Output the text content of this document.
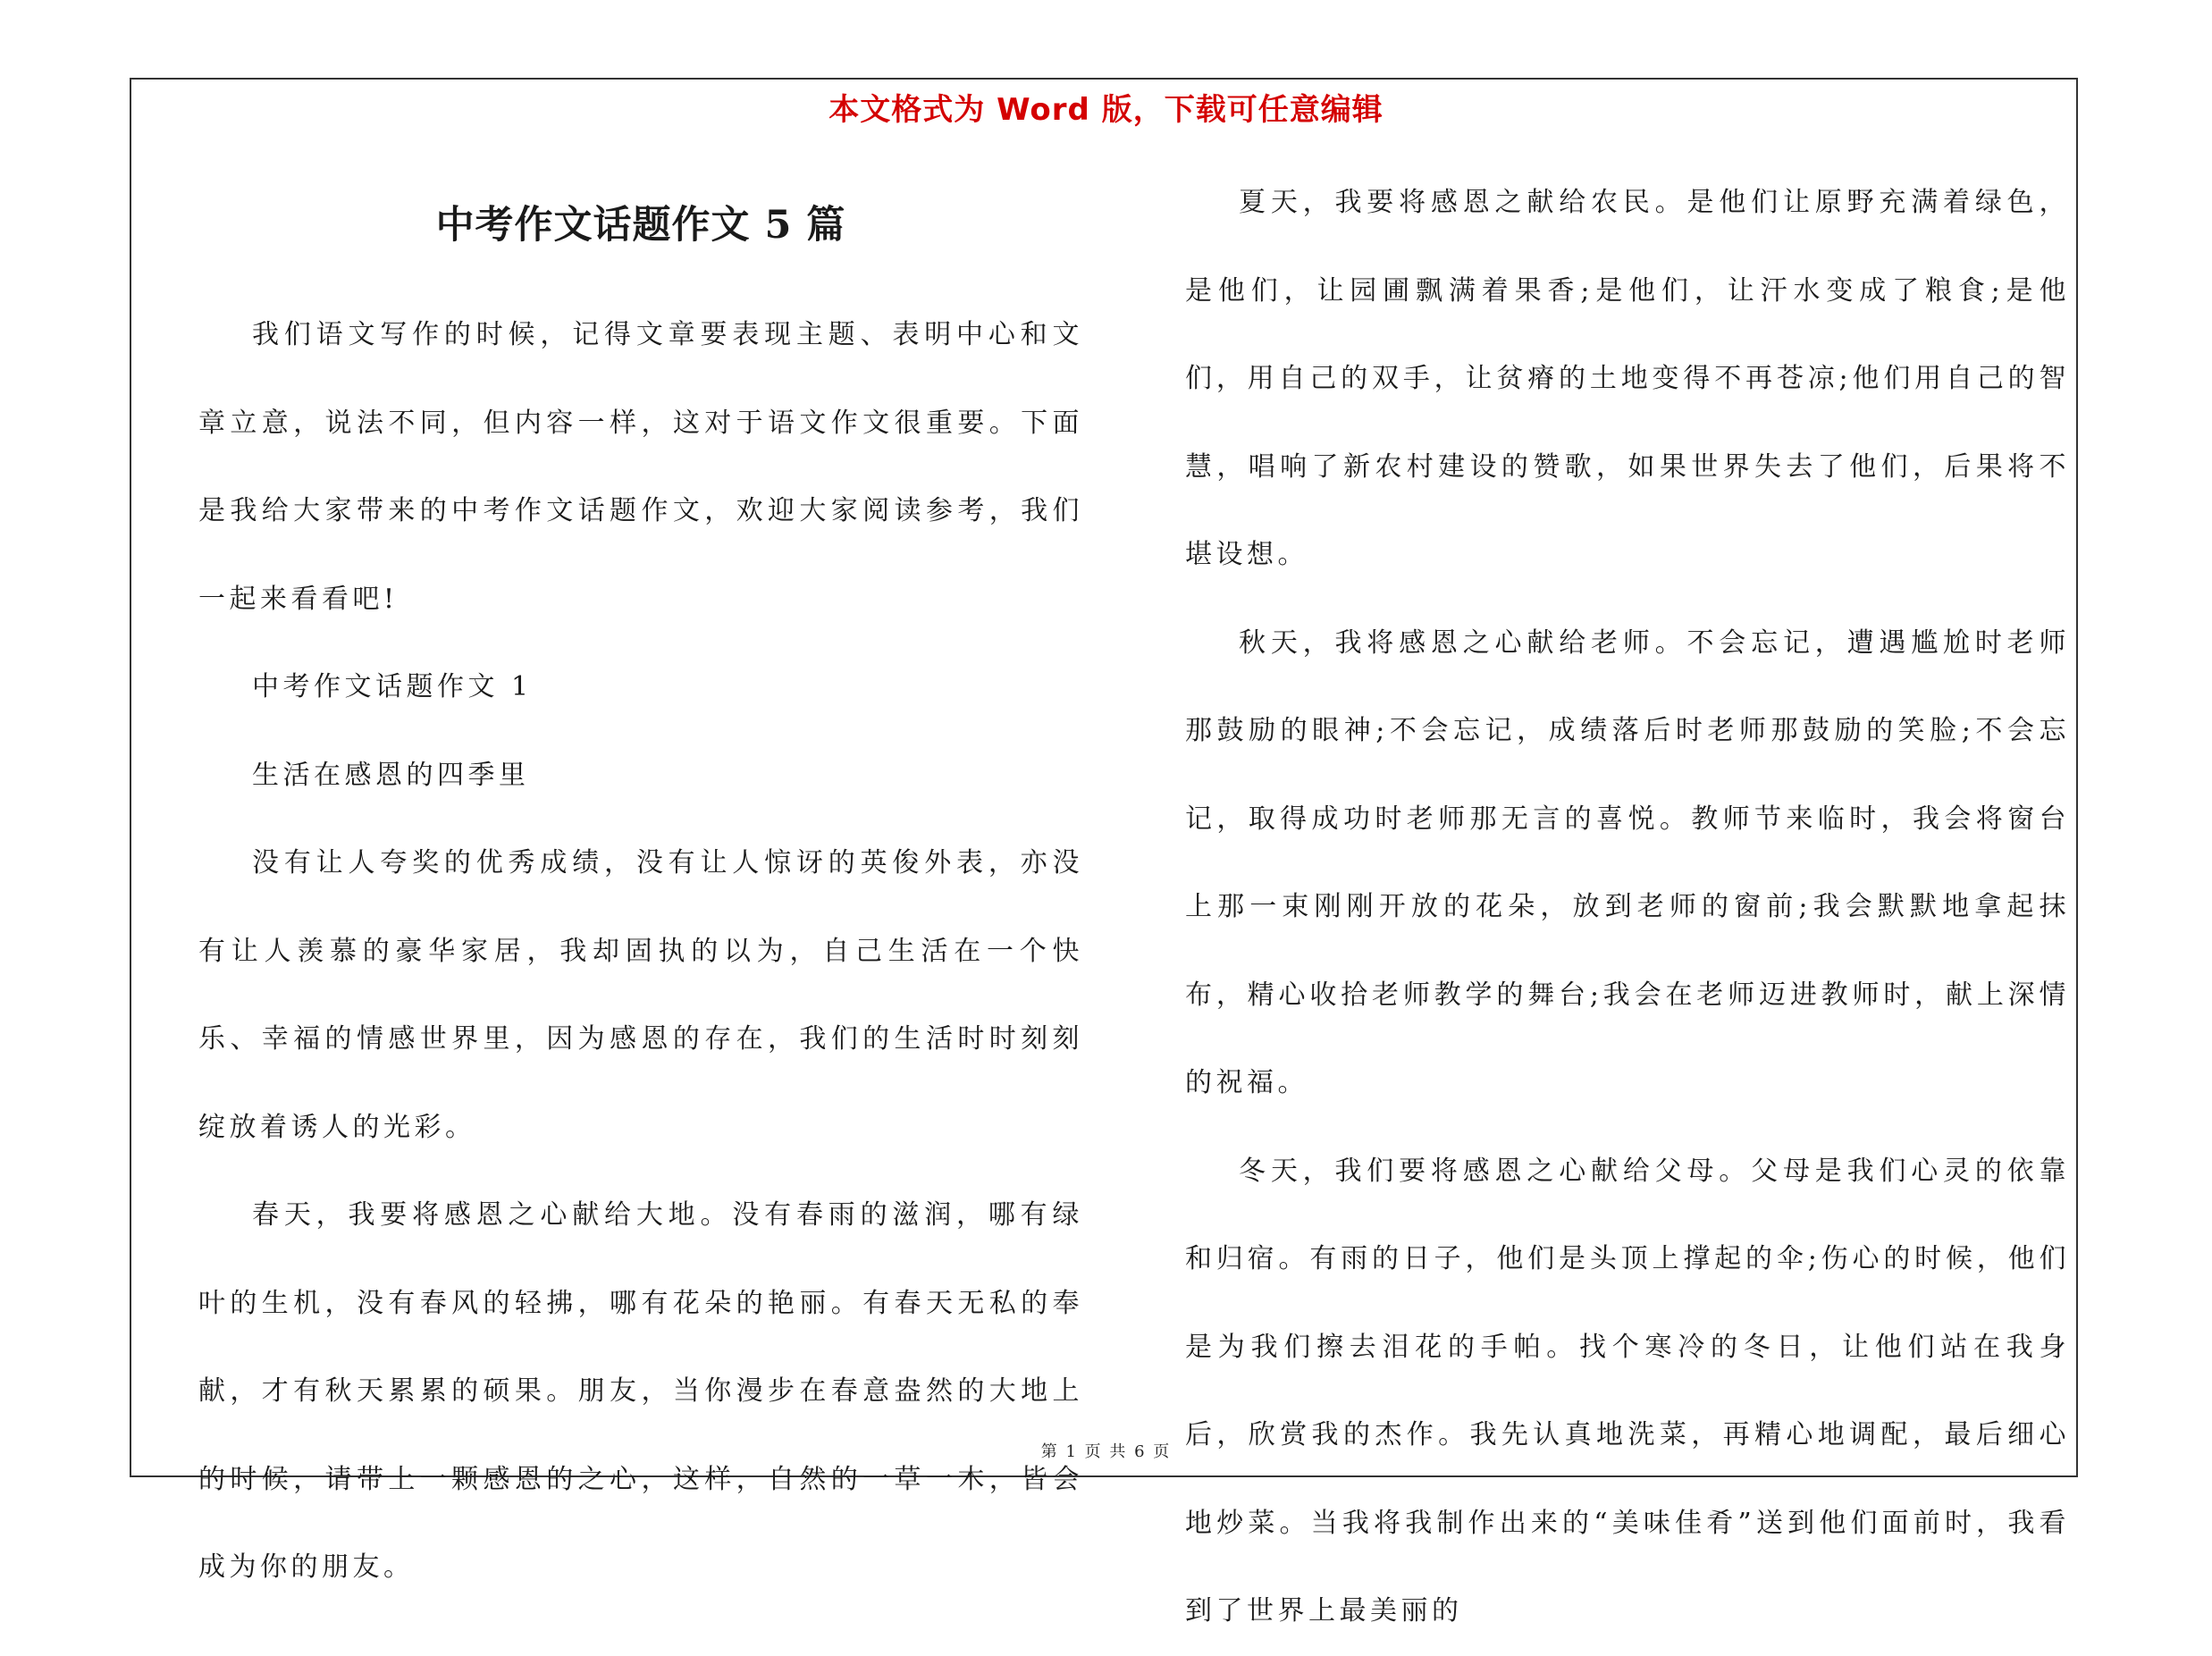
本文格式为 Word 版，下载可任意编辑
中考作文话题作文 5 篇

我们语文写作的时候，记得文章要表现主题、表明中心和文章立意，说法不同，但内容一样，这对于语文作文很重要。下面是我给大家带来的中考作文话题作文，欢迎大家阅读参考，我们一起来看看吧!

中考作文话题作文 1

生活在感恩的四季里

没有让人夸奖的优秀成绩，没有让人惊讶的英俊外表，亦没有让人羡慕的豪华家居，我却固执的以为，自己生活在一个快乐、幸福的情感世界里，因为感恩的存在，我们的生活时时刻刻绽放着诱人的光彩。

春天，我要将感恩之心献给大地。没有春雨的滋润，哪有绿叶的生机，没有春风的轻拂，哪有花朵的艳丽。有春天无私的奉献，才有秋天累累的硕果。朋友，当你漫步在春意盎然的大地上的时候，请带上一颗感恩的之心，这样，自然的一草一木，皆会成为你的朋友。

夏天，我要将感恩之献给农民。是他们让原野充满着绿色，是他们，让园圃飘满着果香;是他们，让汗水变成了粮食;是他们，用自己的双手，让贫瘠的土地变得不再苍凉;他们用自己的智慧，唱响了新农村建设的赞歌，如果世界失去了他们，后果将不堪设想。

秋天，我将感恩之心献给老师。不会忘记，遭遇尴尬时老师那鼓励的眼神;不会忘记，成绩落后时老师那鼓励的笑脸;不会忘记，取得成功时老师那无言的喜悦。教师节来临时，我会将窗台上那一束刚刚开放的花朵，放到老师的窗前;我会默默地拿起抹布，精心收拾老师教学的舞台;我会在老师迈进教师时，献上深情的祝福。

冬天，我们要将感恩之心献给父母。父母是我们心灵的依靠和归宿。有雨的日子，他们是头顶上撑起的伞;伤心的时候，他们是为我们擦去泪花的手帕。找个寒冷的冬日，让他们站在我身后，欣赏我的杰作。我先认真地洗菜，再精心地调配，最后细心地炒菜。当我将我制作出来的“美味佳肴”送到他们面前时，我看到了世界上最美丽的

第 1 页 共 6 页
